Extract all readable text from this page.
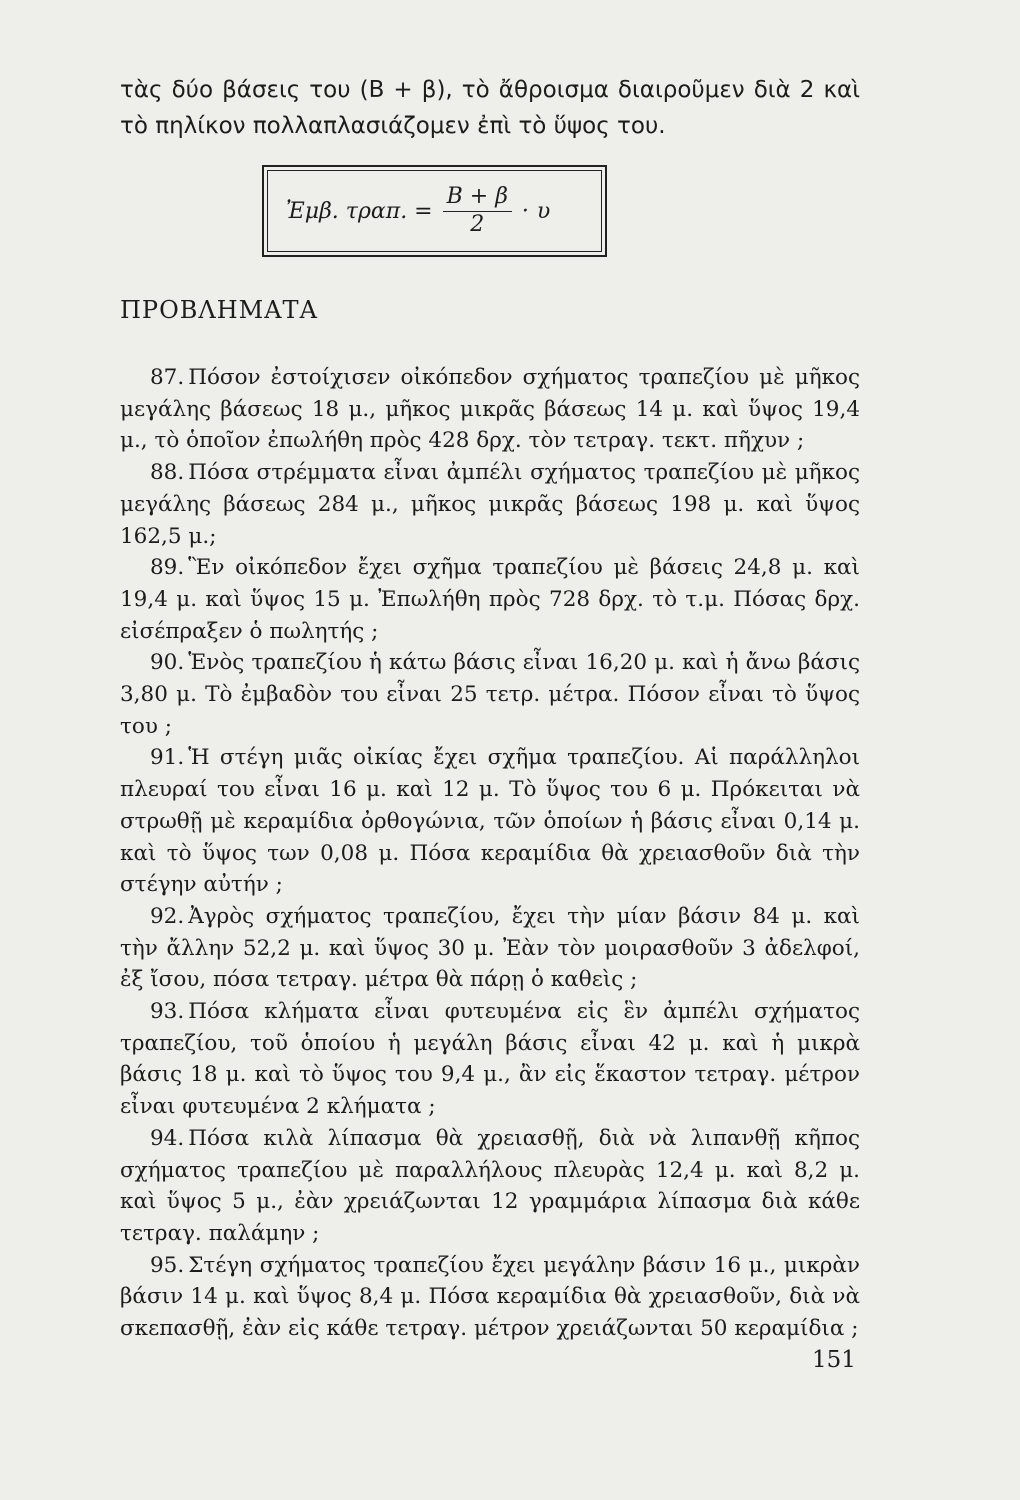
τὰς δύο βάσεις του (Β + β), τὸ ἄθροισμα διαιροῦμεν διὰ 2 καὶ τὸ πηλίκον πολλαπλασιάζομεν ἐπὶ τὸ ὕψος του.
Ἐμβ. τραπ. = $\frac{B + \beta}{2} \cdot \upsilon$
ΠΡΟΒΛΗΜΑΤΑ

87. Πόσον ἐστοίχισεν οἰκόπεδον σχήματος τραπεζίου μὲ μῆκος μεγάλης βάσεως 18 μ., μῆκος μικρᾶς βάσεως 14 μ. καὶ ὕψος 19,4 μ., τὸ ὁποῖον ἐπωλήθη πρὸς 428 δρχ. τὸν τετραγ. τεκτ. πῆχυν ;

88. Πόσα στρέμματα εἶναι ἀμπέλι σχήματος τραπεζίου μὲ μῆκος μεγάλης βάσεως 284 μ., μῆκος μικρᾶς βάσεως 198 μ. καὶ ὕψος 162,5 μ.;

89. Ἓν οἰκόπεδον ἔχει σχῆμα τραπεζίου μὲ βάσεις 24,8 μ. καὶ 19,4 μ. καὶ ὕψος 15 μ. Ἐπωλήθη πρὸς 728 δρχ. τὸ τ.μ. Πόσας δρχ. εἰσέπραξεν ὁ πωλητής ;

90. Ἑνὸς τραπεζίου ἡ κάτω βάσις εἶναι 16,20 μ. καὶ ἡ ἄνω βάσις 3,80 μ. Τὸ ἐμβαδὸν του εἶναι 25 τετρ. μέτρα. Πόσον εἶναι τὸ ὕψος του ;

91. Ἡ στέγη μιᾶς οἰκίας ἔχει σχῆμα τραπεζίου. Αἱ παράλληλοι πλευραί του εἶναι 16 μ. καὶ 12 μ. Τὸ ὕψος του 6 μ. Πρόκειται νὰ στρωθῇ μὲ κεραμίδια ὀρθογώνια, τῶν ὁποίων ἡ βάσις εἶναι 0,14 μ. καὶ τὸ ὕψος των 0,08 μ. Πόσα κεραμίδια θὰ χρειασθοῦν διὰ τὴν στέγην αὐτήν ;

92. Ἀγρὸς σχήματος τραπεζίου, ἔχει τὴν μίαν βάσιν 84 μ. καὶ τὴν ἄλλην 52,2 μ. καὶ ὕψος 30 μ. Ἐὰν τὸν μοιρασθοῦν 3 ἀδελφοί, ἐξ ἴσου, πόσα τετραγ. μέτρα θὰ πάρῃ ὁ καθεὶς ;

93. Πόσα κλήματα εἶναι φυτευμένα εἰς ἓν ἀμπέλι σχήματος τραπεζίου, τοῦ ὁποίου ἡ μεγάλη βάσις εἶναι 42 μ. καὶ ἡ μικρὰ βάσις 18 μ. καὶ τὸ ὕψος του 9,4 μ., ἂν εἰς ἕκαστον τετραγ. μέτρον εἶναι φυτευμένα 2 κλήματα ;

94. Πόσα κιλὰ λίπασμα θὰ χρειασθῇ, διὰ νὰ λιπανθῇ κῆπος σχήματος τραπεζίου μὲ παραλλήλους πλευρὰς 12,4 μ. καὶ 8,2 μ. καὶ ὕψος 5 μ., ἐὰν χρειάζωνται 12 γραμμάρια λίπασμα διὰ κάθε τετραγ. παλάμην ;

95. Στέγη σχήματος τραπεζίου ἔχει μεγάλην βάσιν 16 μ., μικρὰν βάσιν 14 μ. καὶ ὕψος 8,4 μ. Πόσα κεραμίδια θὰ χρειασθοῦν, διὰ νὰ σκεπασθῇ, ἐὰν εἰς κάθε τετραγ. μέτρον χρειάζωνται 50 κεραμίδια ;

151
